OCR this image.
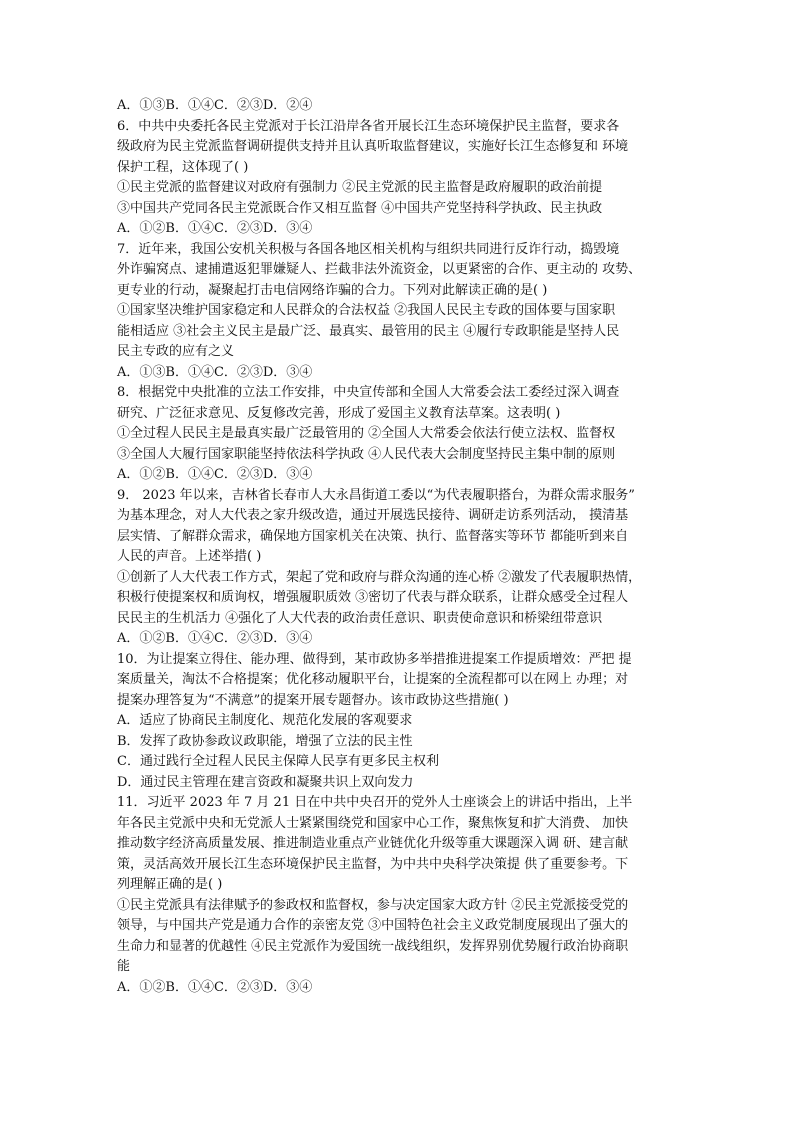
A．①③B．①④C．②③D．②④
6．中共中央委托各民主党派对于长江沿岸各省开展长江生态环境保护民主监督，要求各
级政府为民主党派监督调研提供支持并且认真听取监督建议，实施好长江生态修复和 环境
保护工程，这体现了( )
①民主党派的监督建议对政府有强制力 ②民主党派的民主监督是政府履职的政治前提
③中国共产党同各民主党派既合作又相互监督 ④中国共产党坚持科学执政、民主执政
A．①②B．①④C．②③D．③④
7．近年来，我国公安机关积极与各国各地区相关机构与组织共同进行反诈行动，捣毁境
外诈骗窝点、逮捕遣返犯罪嫌疑人、拦截非法外流资金，以更紧密的合作、更主动的 攻势、
更专业的行动，凝聚起打击电信网络诈骗的合力。下列对此解读正确的是( )
①国家坚决维护国家稳定和人民群众的合法权益 ②我国人民民主专政的国体要与国家职
能相适应 ③社会主义民主是最广泛、最真实、最管用的民主 ④履行专政职能是坚持人民
民主专政的应有之义
A．①③B．①④C．②③D．③④
8．根据党中央批准的立法工作安排，中央宣传部和全国人大常委会法工委经过深入调查
研究、广泛征求意见、反复修改完善，形成了爱国主义教育法草案。这表明( )
①全过程人民民主是最真实最广泛最管用的 ②全国人大常委会依法行使立法权、监督权
③全国人大履行国家职能坚持依法科学执政 ④人民代表大会制度坚持民主集中制的原则
A．①②B．①④C．②③D．③④
9． 2023 年以来，吉林省长春市人大永昌街道工委以“为代表履职搭台，为群众需求服务”
为基本理念，对人大代表之家升级改造，通过开展选民接待、调研走访系列活动， 摸清基
层实情、了解群众需求，确保地方国家机关在决策、执行、监督落实等环节 都能听到来自
人民的声音。上述举措( )
①创新了人大代表工作方式，架起了党和政府与群众沟通的连心桥 ②激发了代表履职热情，
积极行使提案权和质询权，增强履职质效 ③密切了代表与群众联系，让群众感受全过程人
民民主的生机活力 ④强化了人大代表的政治责任意识、职责使命意识和桥梁纽带意识
A．①②B．①④C．②③D．③④
10．为让提案立得住、能办理、做得到，某市政协多举措推进提案工作提质增效：严把 提
案质量关，淘汰不合格提案；优化移动履职平台，让提案的全流程都可以在网上 办理；对
提案办理答复为“不满意”的提案开展专题督办。该市政协这些措施( )
A．适应了协商民主制度化、规范化发展的客观要求
B．发挥了政协参政议政职能，增强了立法的民主性
C．通过践行全过程人民民主保障人民享有更多民主权利
D．通过民主管理在建言资政和凝聚共识上双向发力
11．习近平 2023 年 7 月 21 日在中共中央召开的党外人士座谈会上的讲话中指出，上半
年各民主党派中央和无党派人士紧紧围绕党和国家中心工作，聚焦恢复和扩大消费、 加快
推动数字经济高质量发展、推进制造业重点产业链优化升级等重大课题深入调 研、建言献
策，灵活高效开展长江生态环境保护民主监督，为中共中央科学决策提 供了重要参考。下
列理解正确的是( )
①民主党派具有法律赋予的参政权和监督权，参与决定国家大政方针 ②民主党派接受党的
领导，与中国共产党是通力合作的亲密友党 ③中国特色社会主义政党制度展现出了强大的
生命力和显著的优越性 ④民主党派作为爱国统一战线组织，发挥界别优势履行政治协商职
能
A．①②B．①④C．②③D．③④
